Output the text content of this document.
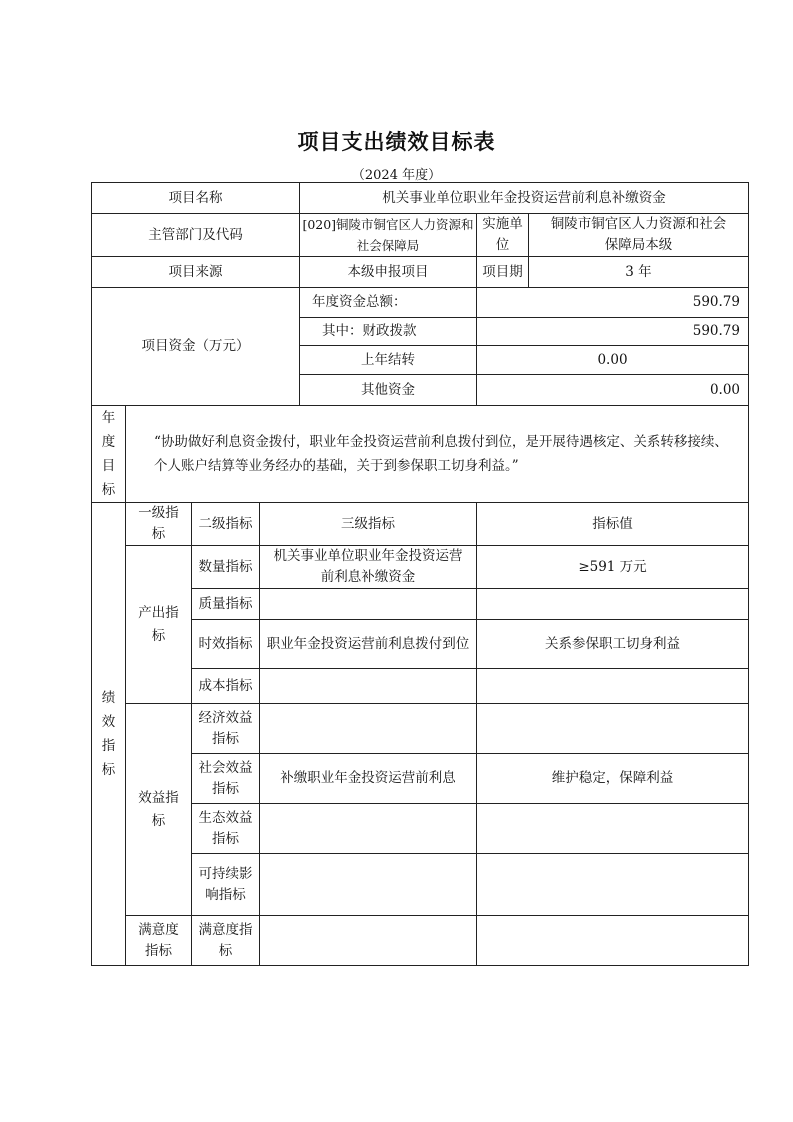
项目支出绩效目标表
（2024 年度）
项目名称				机关事业单位职业年金投资运营前利息补缴资金		
主管部门及代码				[020]铜陵市铜官区人力资源和社会保障局	实施单位	铜陵市铜官区人力资源和社会保障局本级
项目来源				本级申报项目	项目期	3 年
项目资金（万元）				年度资金总额：	590.79	
				其中：财政拨款	590.79	
				上年结转	0.00	
				其他资金	0.00	

年度目标	“协助做好利息资金拨付，职业年金投资运营前利息拨付到位，是开展待遇核定、关系转移接续、个人账户结算等业务经办的基础，关于到参保职工切身利益。”					

绩效指标	一级指标	二级指标	三级指标		指标值	

	产出指标	数量指标	机关事业单位职业年金投资运营前利息补缴资金		≥591 万元	
		质量指标				
		时效指标	职业年金投资运营前利息拨付到位		关系参保职工切身利益	
		成本指标				

	效益指标	经济效益指标				

		社会效益指标	补缴职业年金投资运营前利息		维护稳定，保障利益	

		生态效益指标				

		可持续影响指标				

	满意度指标	满意度指标				
